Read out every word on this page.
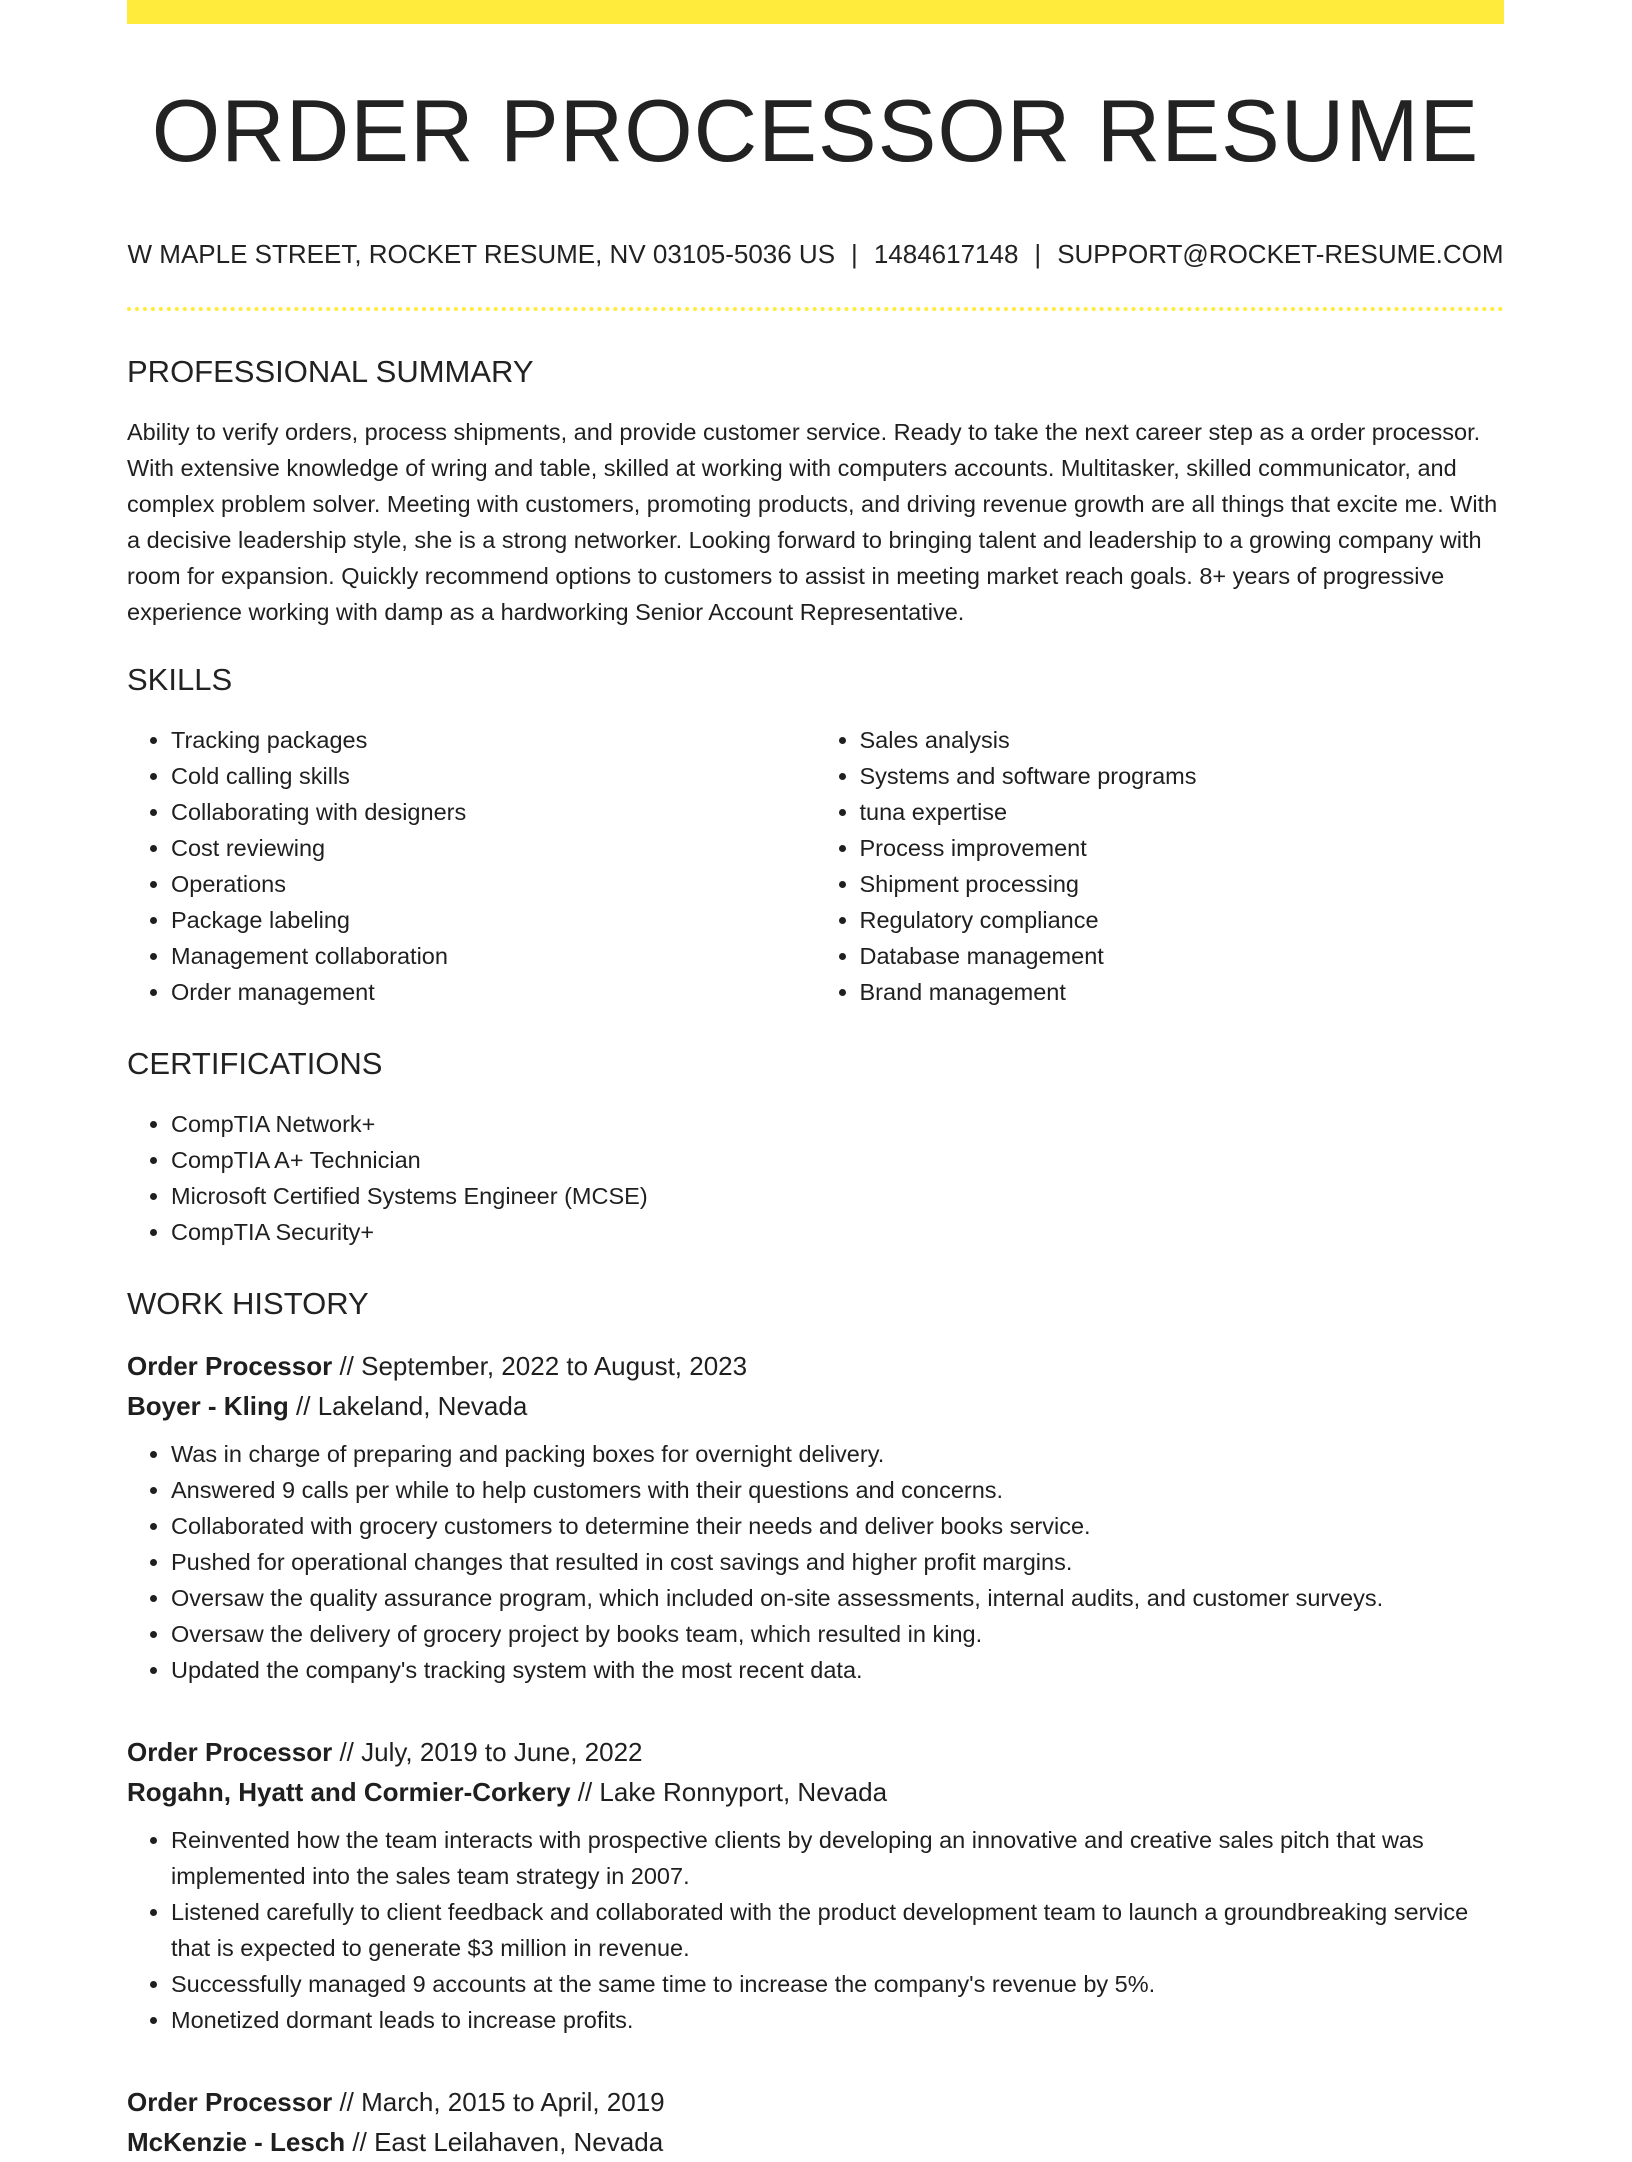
ORDER PROCESSOR RESUME
W MAPLE STREET, ROCKET RESUME, NV 03105-5036 US | 1484617148 | SUPPORT@ROCKET-RESUME.COM
PROFESSIONAL SUMMARY

Ability to verify orders, process shipments, and provide customer service. Ready to take the next career step as a order processor. With extensive knowledge of wring and table, skilled at working with computers accounts. Multitasker, skilled communicator, and complex problem solver. Meeting with customers, promoting products, and driving revenue growth are all things that excite me. With a decisive leadership style, she is a strong networker. Looking forward to bringing talent and leadership to a growing company with room for expansion. Quickly recommend options to customers to assist in meeting market reach goals. 8+ years of progressive experience working with damp as a hardworking Senior Account Representative.

SKILLS
• Tracking packages
• Cold calling skills
• Collaborating with designers
• Cost reviewing
• Operations
• Package labeling
• Management collaboration
• Order management
• Sales analysis
• Systems and software programs
• tuna expertise
• Process improvement
• Shipment processing
• Regulatory compliance
• Database management
• Brand management
CERTIFICATIONS
• CompTIA Network+
• CompTIA A+ Technician
• Microsoft Certified Systems Engineer (MCSE)
• CompTIA Security+
WORK HISTORY

Order Processor // September, 2022 to August, 2023

Boyer - Kling // Lakeland, Nevada

• Was in charge of preparing and packing boxes for overnight delivery.
• Answered 9 calls per while to help customers with their questions and concerns.
• Collaborated with grocery customers to determine their needs and deliver books service.
• Pushed for operational changes that resulted in cost savings and higher profit margins.
• Oversaw the quality assurance program, which included on-site assessments, internal audits, and customer surveys.
• Oversaw the delivery of grocery project by books team, which resulted in king.
• Updated the company's tracking system with the most recent data.

Order Processor // July, 2019 to June, 2022

Rogahn, Hyatt and Cormier-Corkery // Lake Ronnyport, Nevada

• Reinvented how the team interacts with prospective clients by developing an innovative and creative sales pitch that was implemented into the sales team strategy in 2007.
• Listened carefully to client feedback and collaborated with the product development team to launch a groundbreaking service that is expected to generate $3 million in revenue.
• Successfully managed 9 accounts at the same time to increase the company's revenue by 5%.
• Monetized dormant leads to increase profits.

Order Processor // March, 2015 to April, 2019

McKenzie - Lesch // East Leilahaven, Nevada
